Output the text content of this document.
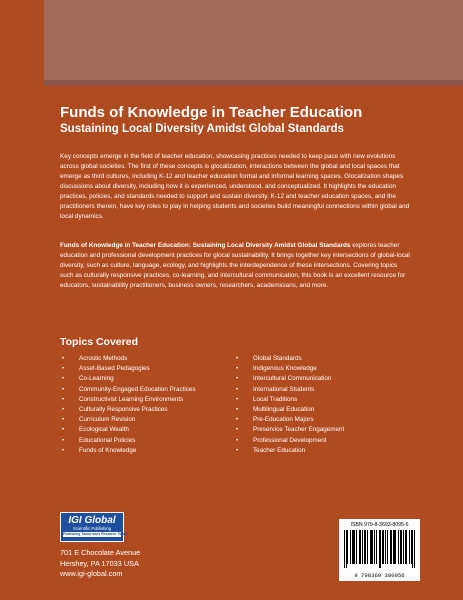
Funds of Knowledge in Teacher Education
Sustaining Local Diversity Amidst Global Standards

Key concepts emerge in the field of teacher education, showcasing practices needed to keep pace with new evolutions across global societies. The first of these concepts is glocalization, interactions between the global and local spaces that emerge as third cultures, including K-12 and teacher education formal and informal learning spaces. Glocalization shapes discussions about diversity, including how it is experienced, understood, and conceptualized. It highlights the education practices, policies, and standards needed to support and sustain diversity. K-12 and teacher education spaces, and the practitioners therein, have key roles to play in helping students and societies build meaningful connections within global and local dynamics.

Funds of Knowledge in Teacher Education: Sustaining Local Diversity Amidst Global Standards explores teacher education and professional development practices for glocal sustainability. It brings together key intersections of global-local diversity, such as culture, language, ecology, and highlights the interdependence of these intersections. Covering topics such as culturally responsive practices, co-learning, and intercultural communication, this book is an excellent resource for educators, sustainability practitioners, business owners, researchers, academicians, and more.

Topics Covered
• Acrostic Methods
• Asset-Based Pedagogies
• Co-Learning
• Community-Engaged Education Practices
• Constructivist Learning Environments
• Culturally Responsive Practices
• Curriculum Revision
• Ecological Wealth
• Educational Policies
• Funds of Knowledge
• Global Standards
• Indigenous Knowledge
• Intercultural Communication
• International Students
• Local Traditions
• Multilingual Education
• Pre-Education Majors
• Preservice Teacher Engagement
• Professional Development
• Teacher Education
IGI Global
Scientific Publishing
Publishing Tomorrow's Research Today
701 E Chocolate Avenue
Hershey, PA 17033 USA
www.igi-global.com
ISBN 979-8-3693-8095-6
9 798369 380956
